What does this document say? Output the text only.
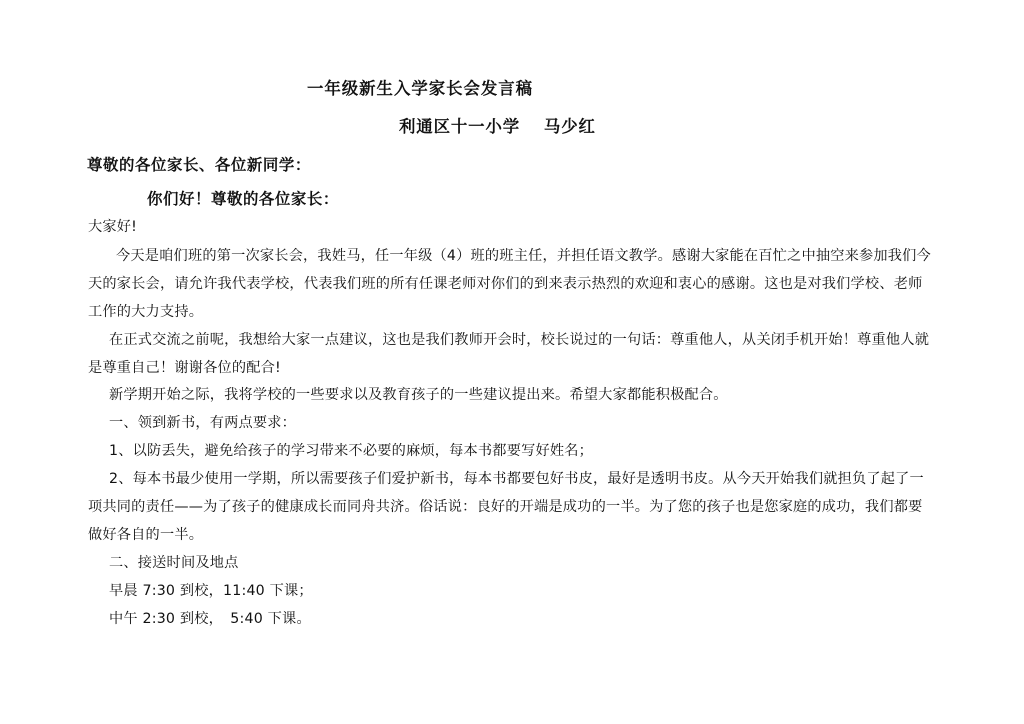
一年级新生入学家长会发言稿
利通区十一小学　 马少红
尊敬的各位家长、各位新同学：
你们好！尊敬的各位家长：
大家好!
今天是咱们班的第一次家长会，我姓马，任一年级（4）班的班主任，并担任语文教学。感谢大家能在百忙之中抽空来参加我们今
天的家长会，请允许我代表学校，代表我们班的所有任课老师对你们的到来表示热烈的欢迎和衷心的感谢。这也是对我们学校、老师
工作的大力支持。
在正式交流之前呢，我想给大家一点建议，这也是我们教师开会时，校长说过的一句话：尊重他人，从关闭手机开始！尊重他人就
是尊重自己！谢谢各位的配合!
新学期开始之际，我将学校的一些要求以及教育孩子的一些建议提出来。希望大家都能积极配合。
一、领到新书，有两点要求：
1、以防丢失，避免给孩子的学习带来不必要的麻烦，每本书都要写好姓名；
2、每本书最少使用一学期，所以需要孩子们爱护新书，每本书都要包好书皮，最好是透明书皮。从今天开始我们就担负了起了一
项共同的责任——为了孩子的健康成长而同舟共济。俗话说：良好的开端是成功的一半。为了您的孩子也是您家庭的成功，我们都要
做好各自的一半。
二、接送时间及地点
早晨 7:30 到校，11:40 下课；
中午 2:30 到校，　5:40 下课。
